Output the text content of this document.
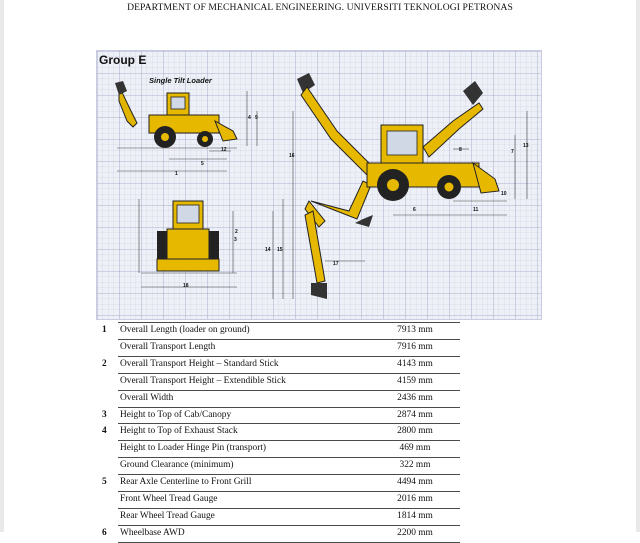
DEPARTMENT OF MECHANICAL ENGINEERING. UNIVERSITI TEKNOLOGI PETRONAS
1
2
3
4
5
6
7
8
9
10
11
12
13
14 15
16
17
18
Group E
Single Tilt Loader
1	Overall Length (loader on ground)	7913 mm
	Overall Transport Length	7916 mm
2	Overall Transport Height – Standard Stick	4143 mm
	Overall Transport Height – Extendible Stick	4159 mm
	Overall Width	2436 mm
3	Height to Top of Cab/Canopy	2874 mm
4	Height to Top of Exhaust Stack	2800 mm
	Height to Loader Hinge Pin (transport)	469 mm
	Ground Clearance (minimum)	322 mm
5	Rear Axle Centerline to Front Grill	4494 mm
	Front Wheel Tread Gauge	2016 mm
	Rear Wheel Tread Gauge	1814 mm
6	Wheelbase AWD	2200 mm
